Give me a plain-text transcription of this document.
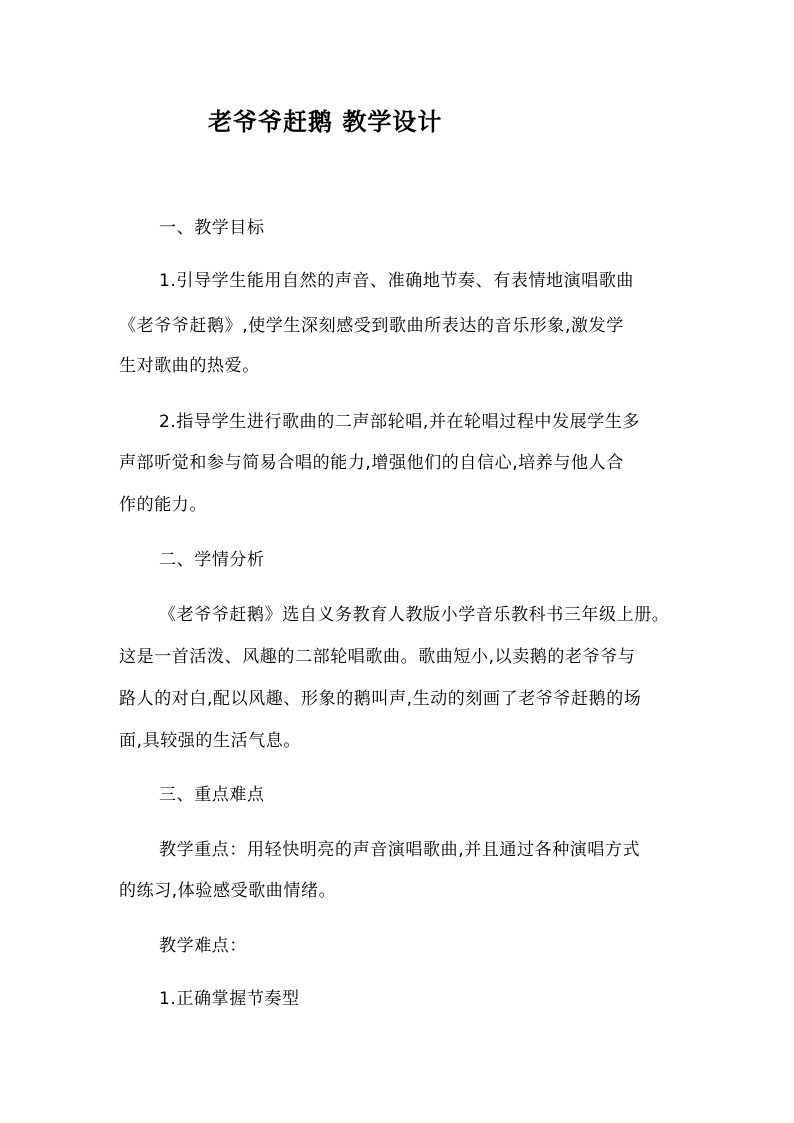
老爷爷赶鹅 教学设计
一、教学目标
1.引导学生能用自然的声音、准确地节奏、有表情地演唱歌曲
《老爷爷赶鹅》,使学生深刻感受到歌曲所表达的音乐形象,激发学
生对歌曲的热爱。
2.指导学生进行歌曲的二声部轮唱,并在轮唱过程中发展学生多
声部听觉和参与简易合唱的能力,增强他们的自信心,培养与他人合
作的能力。
二、学情分析
《老爷爷赶鹅》选自义务教育人教版小学音乐教科书三年级上册。
这是一首活泼、风趣的二部轮唱歌曲。歌曲短小,以卖鹅的老爷爷与
路人的对白,配以风趣、形象的鹅叫声,生动的刻画了老爷爷赶鹅的场
面,具较强的生活气息。
三、重点难点
教学重点：用轻快明亮的声音演唱歌曲,并且通过各种演唱方式
的练习,体验感受歌曲情绪。
教学难点：
1.正确掌握节奏型
